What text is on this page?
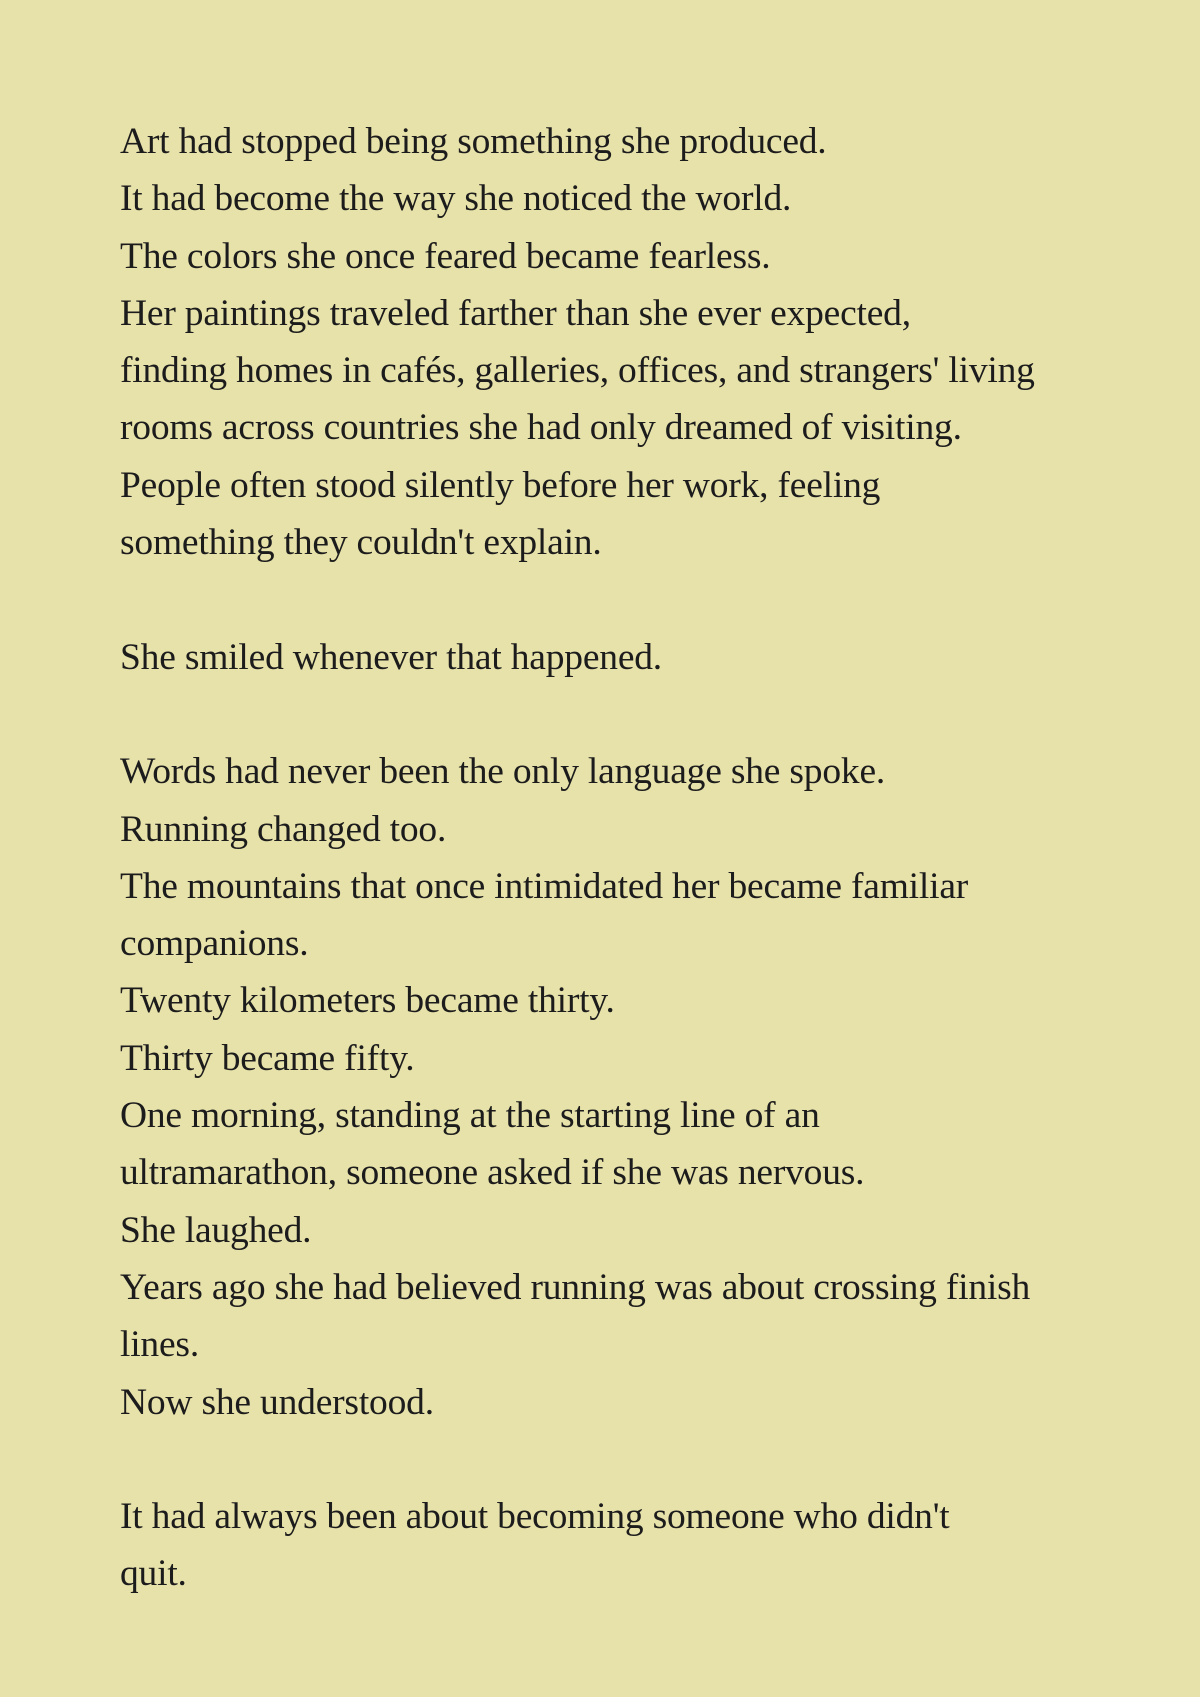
Art had stopped being something she produced.
It had become the way she noticed the world.
The colors she once feared became fearless.
Her paintings traveled farther than she ever expected,
finding homes in cafés, galleries, offices, and strangers' living
rooms across countries she had only dreamed of visiting.
People often stood silently before her work, feeling
something they couldn't explain.
She smiled whenever that happened.
Words had never been the only language she spoke.
Running changed too.
The mountains that once intimidated her became familiar
companions.
Twenty kilometers became thirty.
Thirty became fifty.
One morning, standing at the starting line of an
ultramarathon, someone asked if she was nervous.
She laughed.
Years ago she had believed running was about crossing finish
lines.
Now she understood.
It had always been about becoming someone who didn't
quit.
